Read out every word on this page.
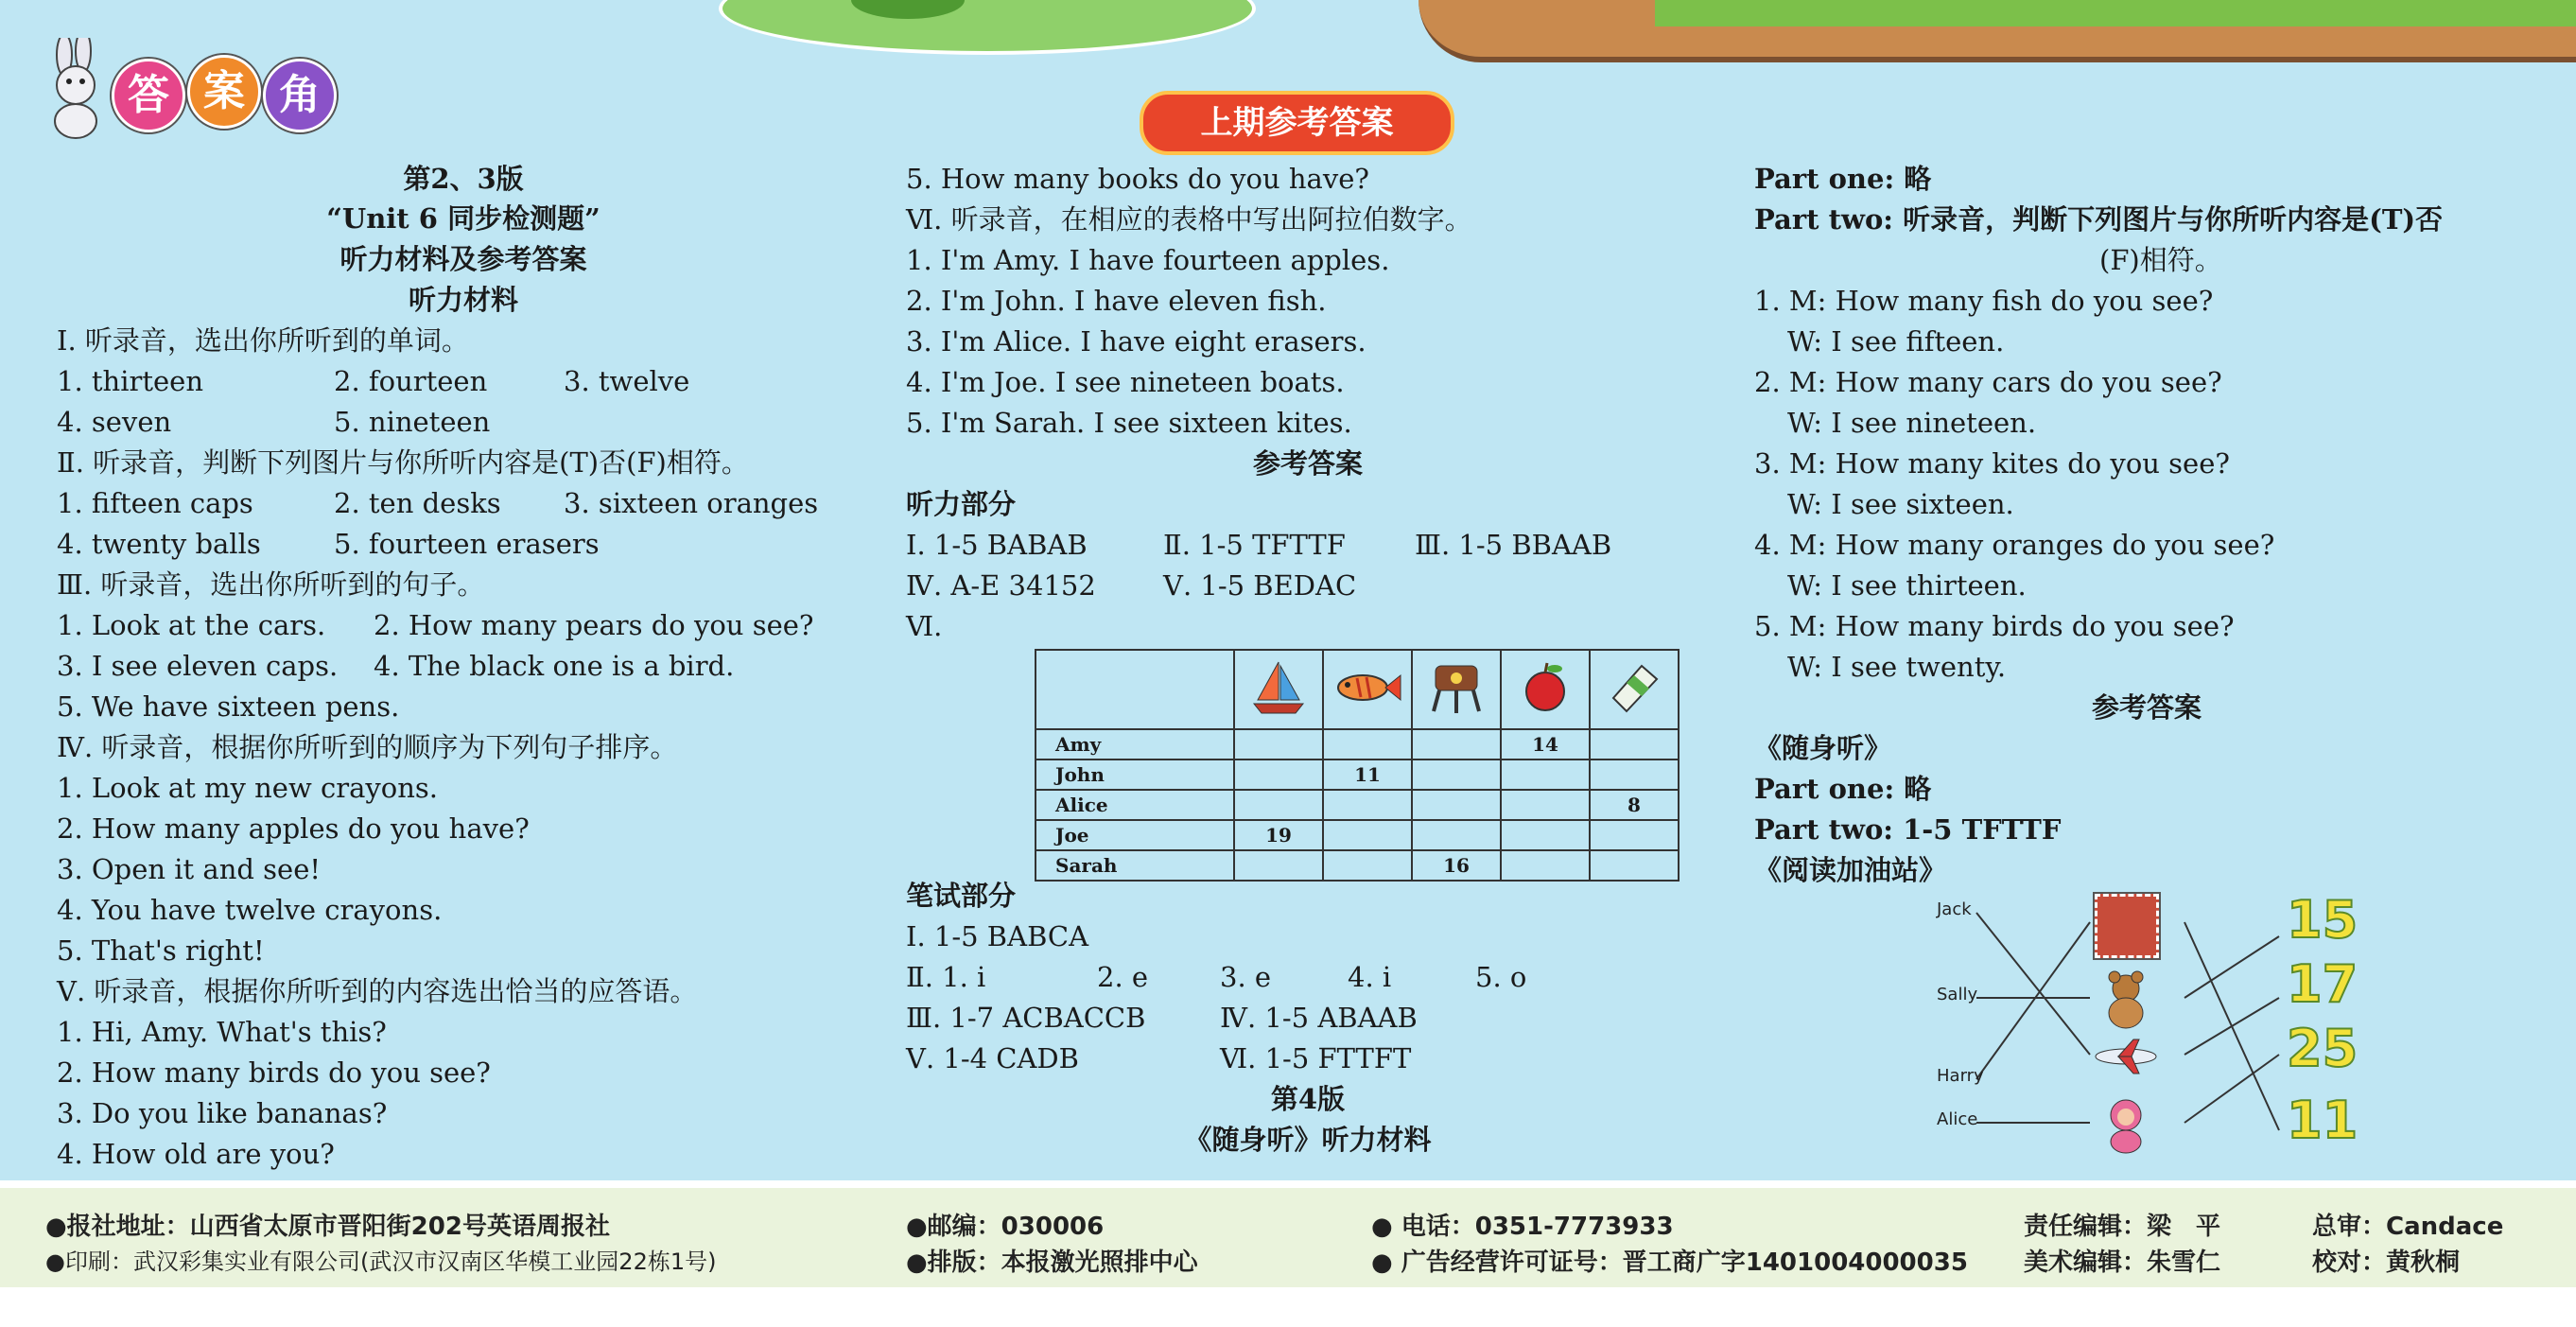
答 案 角
上期参考答案
第2、3版
“Unit 6 同步检测题”
听力材料及参考答案
听力材料
Ⅰ. 听录音，选出你所听到的单词。
1. thirteen	2. fourteen	3. twelve
4. seven	5. nineteen
Ⅱ. 听录音，判断下列图片与你所听内容是(T)否(F)相符。
1. fifteen caps	2. ten desks 3. sixteen oranges
4. twenty balls	5. fourteen erasers
Ⅲ. 听录音，选出你所听到的句子。
1. Look at the cars. 2. How many pears do you see?
3. I see eleven caps. 4. The black one is a bird.
5. We have sixteen pens.
Ⅳ. 听录音，根据你所听到的顺序为下列句子排序。
1. Look at my new crayons.
2. How many apples do you have?
3. Open it and see!
4. You have twelve crayons.
5. That's right!
Ⅴ. 听录音，根据你所听到的内容选出恰当的应答语。
1. Hi, Amy. What's this?
2. How many birds do you see?
3. Do you like bananas?
4. How old are you?
5. How many books do you have?
Ⅵ. 听录音，在相应的表格中写出阿拉伯数字。
1. I'm Amy. I have fourteen apples.
2. I'm John. I have eleven fish.
3. I'm Alice. I have eight erasers.
4. I'm Joe. I see nineteen boats.
5. I'm Sarah. I see sixteen kites.
参考答案
听力部分
Ⅰ. 1-5 BABAB	Ⅱ. 1-5 TFTTF	Ⅲ. 1-5 BBAAB
Ⅳ. A-E 34152 Ⅴ. 1-5 BEDAC
Ⅵ.

Amy				14	
John		11			
Alice					8
Joe	19				
Sarah			16		
笔试部分
Ⅰ. 1-5 BABCA
Ⅱ. 1. i	2. e	3. e	4. i	5. o
Ⅲ. 1-7 ACBACCB	Ⅳ. 1-5 ABAAB
Ⅴ. 1-4 CADB	Ⅵ. 1-5 FTTFT
第4版
《随身听》听力材料
Part one: 略
Part two: 听录音，判断下列图片与你所听内容是(T)否
(F)相符。
1. M: How many fish do you see?
W: I see fifteen.
2. M: How many cars do you see?
W: I see nineteen.
3. M: How many kites do you see?
W: I see sixteen.
4. M: How many oranges do you see?
W: I see thirteen.
5. M: How many birds do you see?
W: I see twenty.
参考答案
《随身听》
Part one: 略
Part two: 1-5 TFTTF
《阅读加油站》
Jack
Sally
Harry
Alice
15
17
25
11
●报社地址：山西省太原市晋阳街202号英语周报社
●印刷：武汉彩集实业有限公司(武汉市汉南区华模工业园22栋1号)
●邮编：030006
●排版：本报激光照排中心
● 电话：0351-7773933
● 广告经营许可证号：晋工商广字1401004000035
责任编辑：梁　平	总审：Candace
美术编辑：朱雪仁	校对：黄秋桐
